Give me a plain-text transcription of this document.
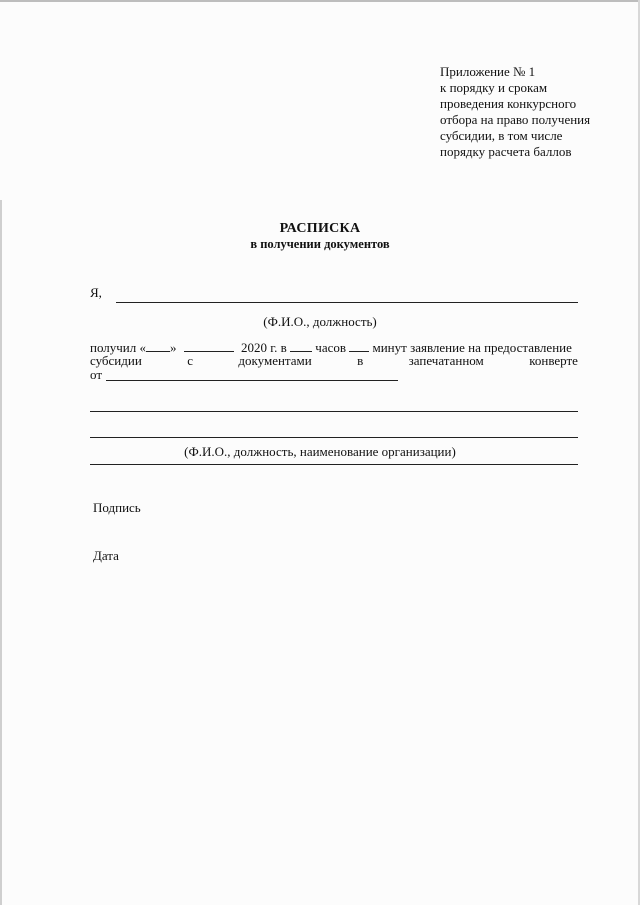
Приложение № 1
к порядку и срокам
проведения конкурсного
отбора на право получения
субсидии, в том числе
порядку расчета баллов
РАСПИСКА
в получении документов
Я,
(Ф.И.О., должность)
получил « »	2020 г. в часов минут заявление на предоставление
субсидии	с	документами	в	запечатанном	конверте
от
(Ф.И.О., должность, наименование организации)
Подпись
Дата
